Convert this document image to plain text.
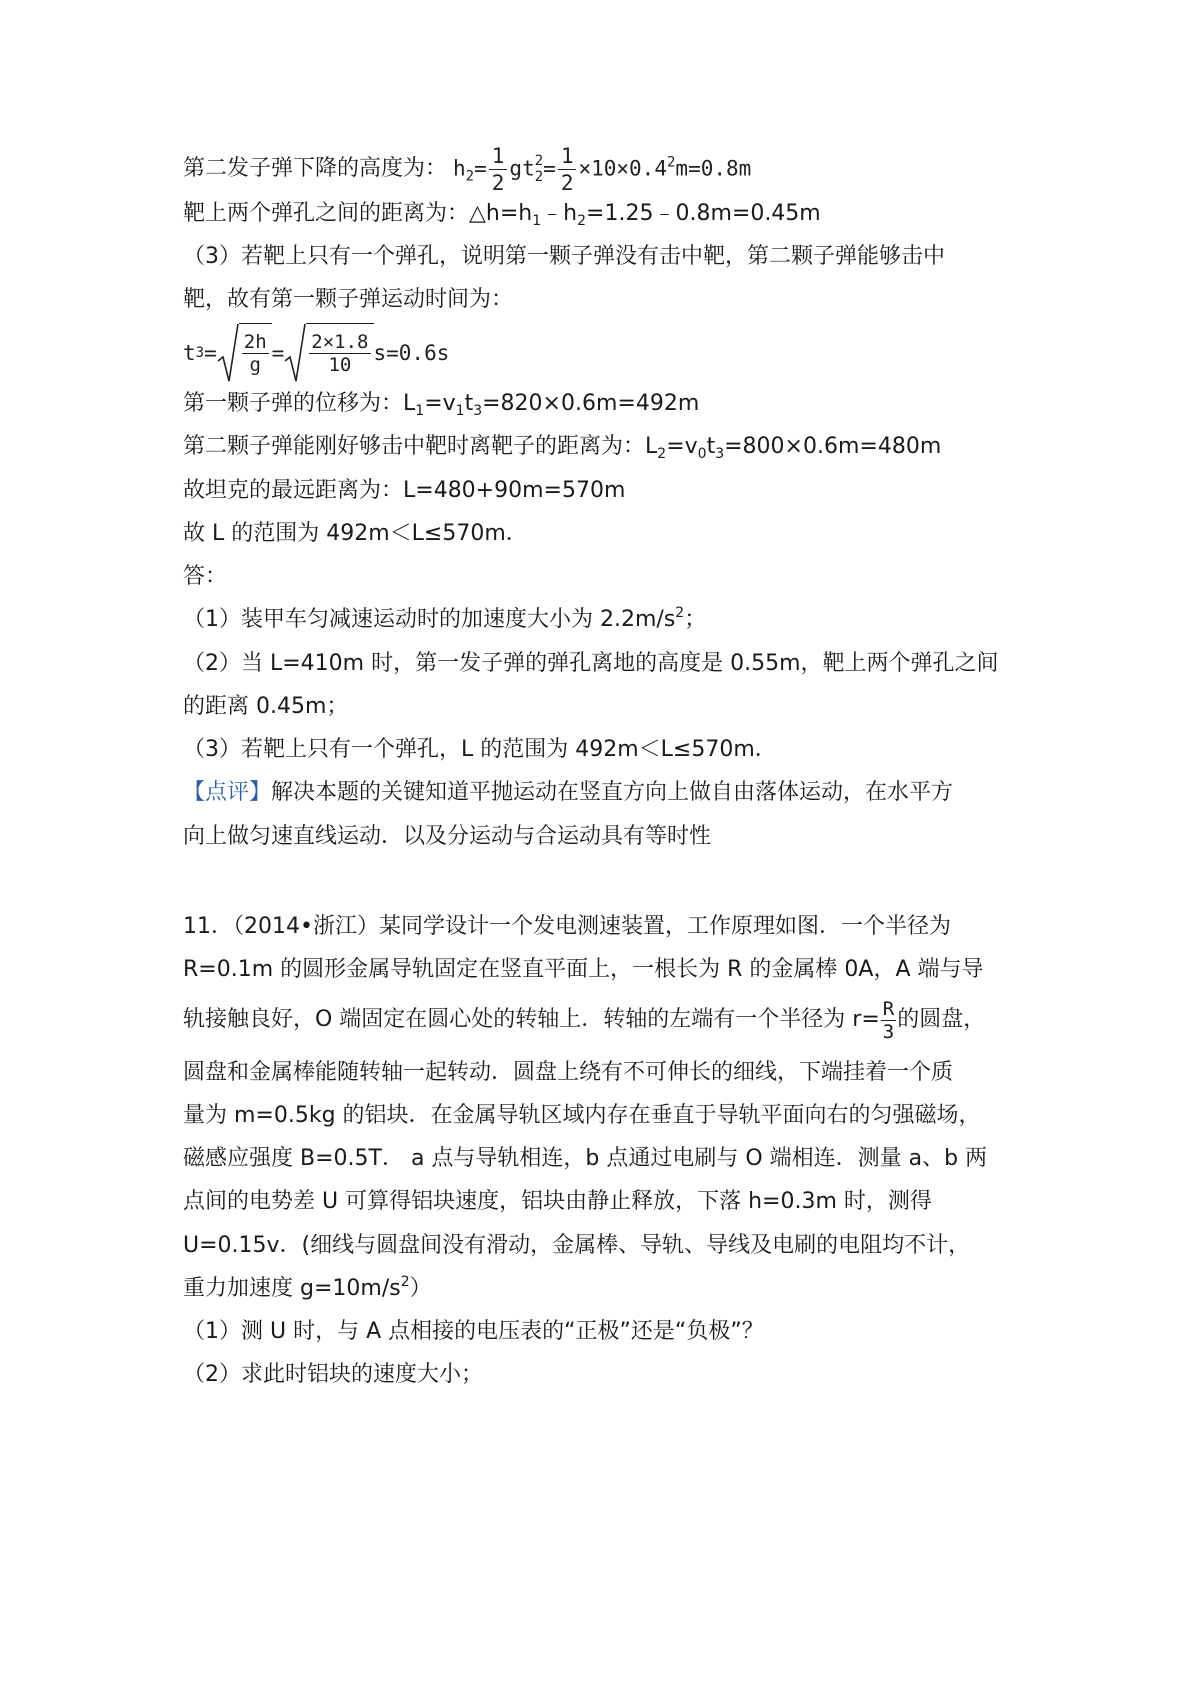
第二发子弹下降的高度为： $h_2= \frac{1}{2}$ gt 2
$2 = \frac{1}{2} \times 10\times 0.4^2m=0.8m$
靶上两个弹孔之间的距离为：$\triangle h=h_1﹣h_2=1.25﹣0.8m=0.45m$
（3）若靶上只有一个弹孔，说明第一颗子弹没有击中靶，第二颗子弹能够击中
靶，故有第一颗子弹运动时间为：
t $3 = \frac{2h}{g} = \frac{2\times 1.8}{10} s=0.6s$
第一颗子弹的位移为：$L_1=v_1t_3=820\times 0.6m=492m$
第二颗子弹能刚好够击中靶时离靶子的距离为：$L_2=v_0t_3=800\times 0.6m=480m$
故坦克的最远距离为：L=480+90m=570m
故 L 的范围为 492m＜L≤570m．
答：
（1）装甲车匀减速运动时的加速度大小为 $2.2m/s^2$；
（2）当 L=410m 时，第一发子弹的弹孔离地的高度是 0.55m，靶上两个弹孔之间
的距离 0.45m；
（3）若靶上只有一个弹孔，L 的范围为 492m＜L≤570m．
【点评】解决本题的关键知道平抛运动在竖直方向上做自由落体运动，在水平方
向上做匀速直线运动．以及分运动与合运动具有等时性
11．（2014•浙江）某同学设计一个发电测速装置，工作原理如图．一个半径为
R=0.1m 的圆形金属导轨固定在竖直平面上，一根长为 R 的金属棒 0A，A 端与导
轨接触良好，O 端固定在圆心处的转轴上．转轴的左端有一个半径为 $r= \frac{R}{3}$ 的圆盘，
圆盘和金属棒能随转轴一起转动．圆盘上绕有不可伸长的细线，下端挂着一个质
量为 m=0.5kg 的铝块．在金属导轨区域内存在垂直于导轨平面向右的匀强磁场，
磁感应强度 B=0.5T． a 点与导轨相连，b 点通过电刷与 O 端相连．测量 a、b 两
点间的电势差 U 可算得铝块速度，铝块由静止释放，下落 h=0.3m 时，测得
U=0.15v．(细线与圆盘间没有滑动，金属棒、导轨、导线及电刷的电阻均不计，
重力加速度 $g=10m/s^2$）
（1）测 U 时，与 A 点相接的电压表的“正极”还是“负极”？
（2）求此时铝块的速度大小；
